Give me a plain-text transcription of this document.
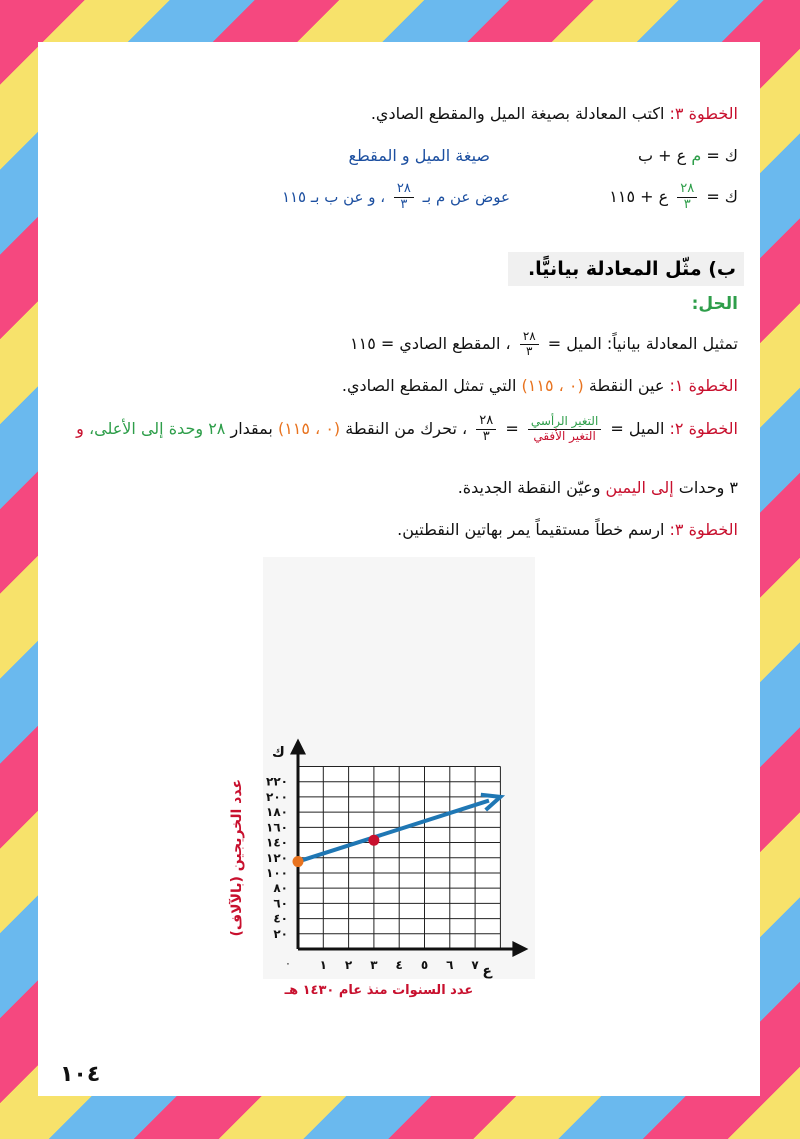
الخطوة ٣: اكتب المعادلة بصيغة الميل والمقطع الصادي.
ك = م ع + ب
صيغة الميل و المقطع
ك =
$\frac{٢٨}{٣}$
ع + ١١٥
عوض عن م بـ
$\frac{٢٨}{٣}$
، و عن ب بـ ١١٥
ب) مثّل المعادلة بيانيًّا.
الحل:
تمثيل المعادلة بيانياً: الميل =
$\frac{٢٨}{٣}$
، المقطع الصادي = ١١٥
الخطوة ١: عين النقطة (٠ ، ١١٥) التي تمثل المقطع الصادي.
الخطوة ٢: الميل =
$\frac{\text{التغير الرأسي}}{\text{التغير الأفقي}}$
=
$\frac{٢٨}{٣}$
، تحرك من النقطة (٠ ، ١١٥) بمقدار ٢٨ وحدة إلى الأعلى، و
٣ وحدات إلى اليمين وعيّن النقطة الجديدة.
الخطوة ٣: ارسم خطاً مستقيماً يمر بهاتين النقطتين.
ك
ع
٠ ١ ٢ ٣ ٤ ٥ ٦ ٧
٢٠
٤٠
٦٠
٨٠
١٠٠
١٢٠
١٤٠
١٦٠
١٨٠
٢٠٠
٢٢٠
عدد الخريجين (بالآلاف)
عدد السنوات منذ عام ١٤٣٠ هـ
١٠٤
